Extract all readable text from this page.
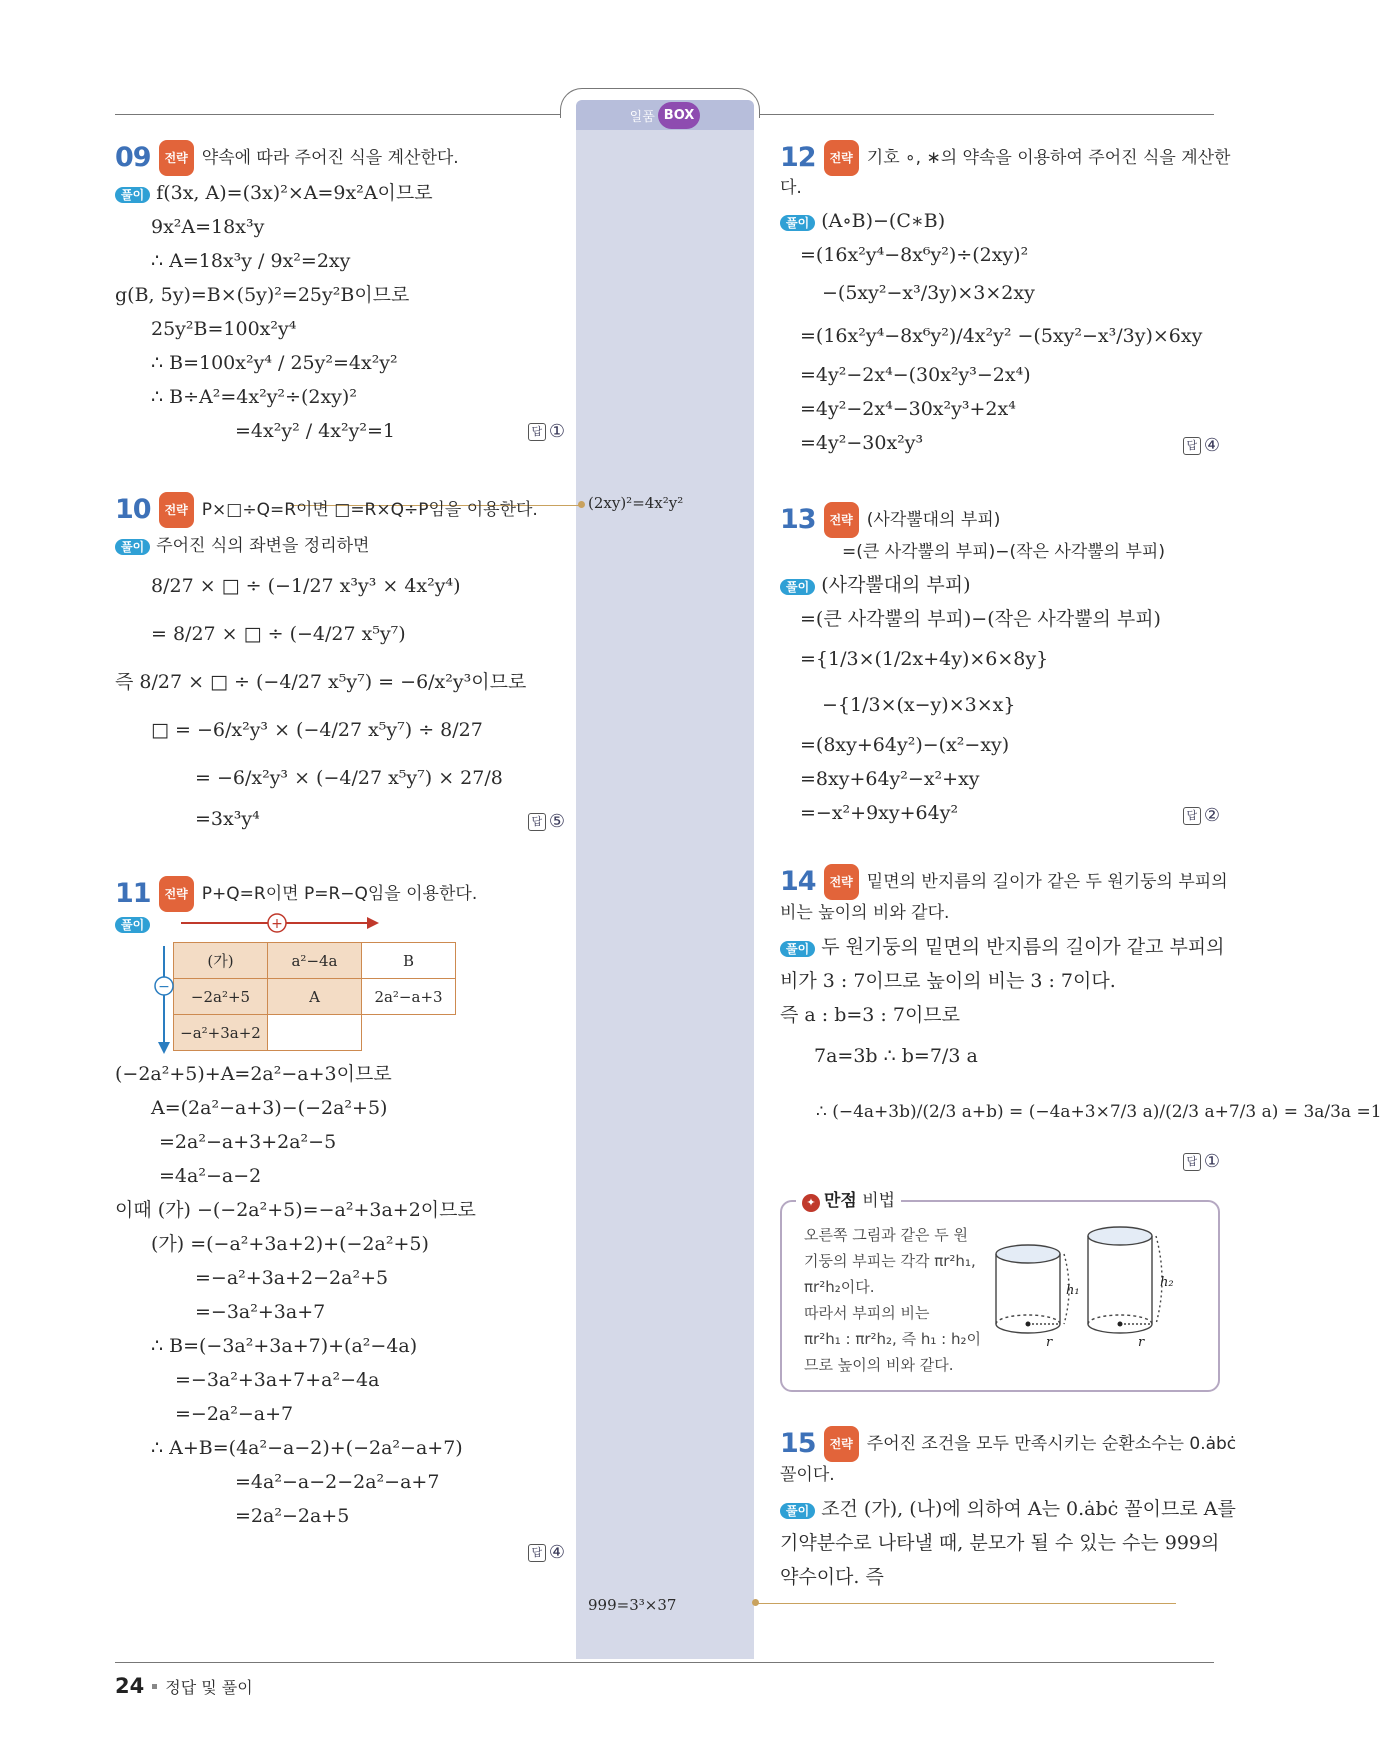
일품 BOX
(2xy)²=4x²y²
999=3³×37
09	전략 약속에 따라 주어진 식을 계산한다.
풀이 f(3x, A)=(3x)²×A=9x²A이므로
9x²A=18x³y
∴ A=18x³y / 9x²=2xy
g(B, 5y)=B×(5y)²=25y²B이므로
25y²B=100x²y⁴
∴ B=100x²y⁴ / 25y²=4x²y²
∴ B÷A²=4x²y²÷(2xy)²
=4x²y² / 4x²y²=1	답 ①
10	전략 P×□÷Q=R이면 □=R×Q÷P임을 이용한다.
풀이 주어진 식의 좌변을 정리하면
8/27 × □ ÷ (−1/27 x³y³ × 4x²y⁴)
= 8/27 × □ ÷ (−4/27 x⁵y⁷)
즉 8/27 × □ ÷ (−4/27 x⁵y⁷) = −6/x²y³이므로
□ = −6/x²y³ × (−4/27 x⁵y⁷) ÷ 8/27
= −6/x²y³ × (−4/27 x⁵y⁷) × 27/8
=3x³y⁴	답 ⑤
11	전략 P+Q=R이면 P=R−Q임을 이용한다.
풀이	+
−
(가)	a²−4a	B
−2a²+5	A	2a²−a+3
−a²+3a+2		
(−2a²+5)+A=2a²−a+3이므로
A=(2a²−a+3)−(−2a²+5)
=2a²−a+3+2a²−5
=4a²−a−2
이때 (가) −(−2a²+5)=−a²+3a+2이므로
(가) =(−a²+3a+2)+(−2a²+5)
=−a²+3a+2−2a²+5
=−3a²+3a+7
∴ B=(−3a²+3a+7)+(a²−4a)
=−3a²+3a+7+a²−4a
=−2a²−a+7
∴ A+B=(4a²−a−2)+(−2a²−a+7)
=4a²−a−2−2a²−a+7
=2a²−2a+5
답 ④
12	전략 기호 ∘, ∗의 약속을 이용하여 주어진 식을 계산한
다.
풀이 (A∘B)−(C∗B)
=(16x²y⁴−8x⁶y²)÷(2xy)²
−(5xy²−x³/3y)×3×2xy
=(16x²y⁴−8x⁶y²)/4x²y² −(5xy²−x³/3y)×6xy
=4y²−2x⁴−(30x²y³−2x⁴)
=4y²−2x⁴−30x²y³+2x⁴
=4y²−30x²y³	답 ④
13	전략 (사각뿔대의 부피)
=(큰 사각뿔의 부피)−(작은 사각뿔의 부피)
풀이 (사각뿔대의 부피)
=(큰 사각뿔의 부피)−(작은 사각뿔의 부피)
={1/3×(1/2x+4y)×6×8y}
−{1/3×(x−y)×3×x}
=(8xy+64y²)−(x²−xy)
=8xy+64y²−x²+xy
=−x²+9xy+64y²	답 ②
14	전략 밑면의 반지름의 길이가 같은 두 원기둥의 부피의
비는 높이의 비와 같다.
풀이 두 원기둥의 밑면의 반지름의 길이가 같고 부피의
비가 3 : 7이므로 높이의 비는 3 : 7이다.
즉 a : b=3 : 7이므로
7a=3b ∴ b=7/3 a
∴ (−4a+3b)/(2/3 a+b) = (−4a+3×7/3 a)/(2/3 a+7/3 a) = 3a/3a =1
답 ①
✦ 만점 비법
오른쪽 그림과 같은 두 원
기둥의 부피는 각각 πr²h₁,
πr²h₂이다.
따라서 부피의 비는
πr²h₁ : πr²h₂, 즉 h₁ : h₂이
므로 높이의 비와 같다.
h₁
h₂
r	r
15	전략 주어진 조건을 모두 만족시키는 순환소수는 0.ȧbċ
꼴이다.
풀이 조건 (가), (나)에 의하여 A는 0.ȧbċ 꼴이므로 A를
기약분수로 나타낼 때, 분모가 될 수 있는 수는 999의
약수이다. 즉
24 정답 및 풀이
